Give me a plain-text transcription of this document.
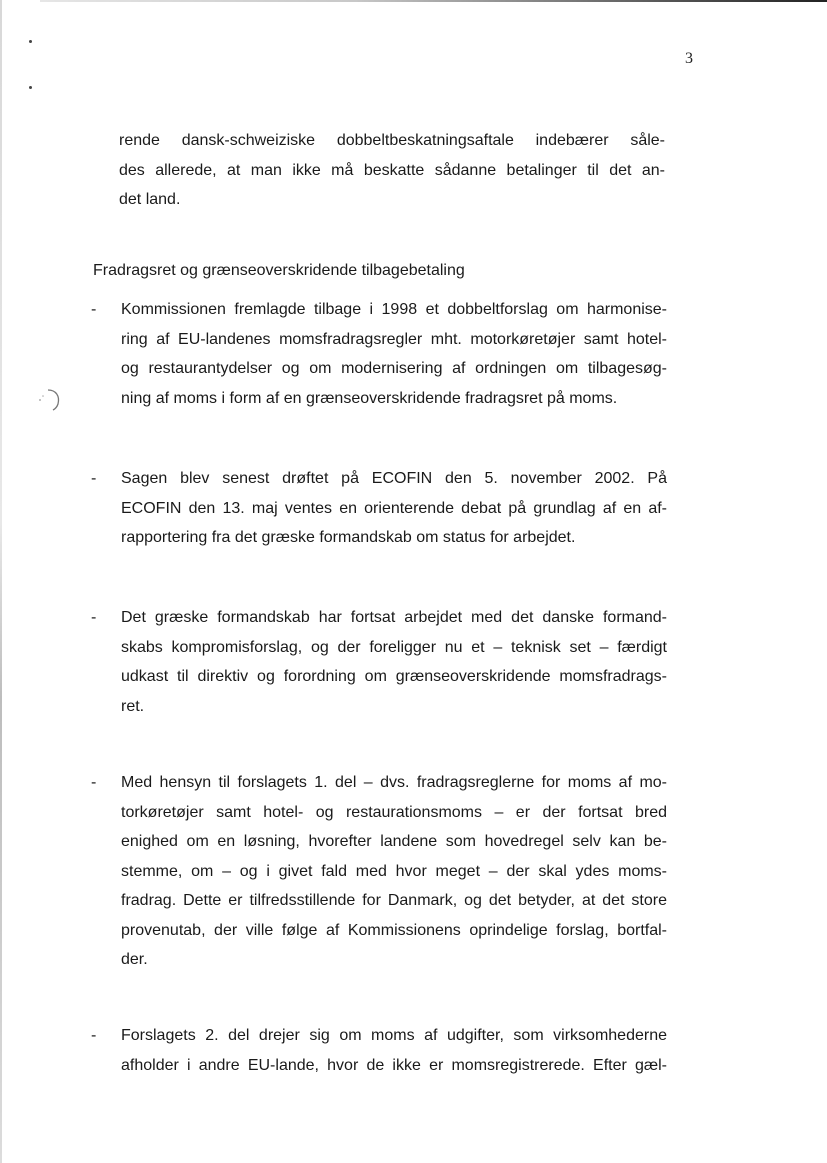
3
rende dansk-schweiziske dobbeltbeskatningsaftale indebærer såle-
des allerede, at man ikke må beskatte sådanne betalinger til det an-
det land.
Fradragsret og grænseoverskridende tilbagebetaling
- Kommissionen fremlagde tilbage i 1998 et dobbeltforslag om harmonise-
ring af EU-landenes momsfradragsregler mht. motorkøretøjer samt hotel-
og restaurantydelser og om modernisering af ordningen om tilbagesøg-
ning af moms i form af en grænseoverskridende fradragsret på moms.
- Sagen blev senest drøftet på ECOFIN den 5. november 2002. På
ECOFIN den 13. maj ventes en orienterende debat på grundlag af en af-
rapportering fra det græske formandskab om status for arbejdet.
- Det græske formandskab har fortsat arbejdet med det danske formand-
skabs kompromisforslag, og der foreligger nu et – teknisk set – færdigt
udkast til direktiv og forordning om grænseoverskridende momsfradrags-
ret.
- Med hensyn til forslagets 1. del – dvs. fradragsreglerne for moms af mo-
torkøretøjer samt hotel- og restaurationsmoms – er der fortsat bred
enighed om en løsning, hvorefter landene som hovedregel selv kan be-
stemme, om – og i givet fald med hvor meget – der skal ydes moms-
fradrag. Dette er tilfredsstillende for Danmark, og det betyder, at det store
provenutab, der ville følge af Kommissionens oprindelige forslag, bortfal-
der.
- Forslagets 2. del drejer sig om moms af udgifter, som virksomhederne
afholder i andre EU-lande, hvor de ikke er momsregistrerede. Efter gæl-
